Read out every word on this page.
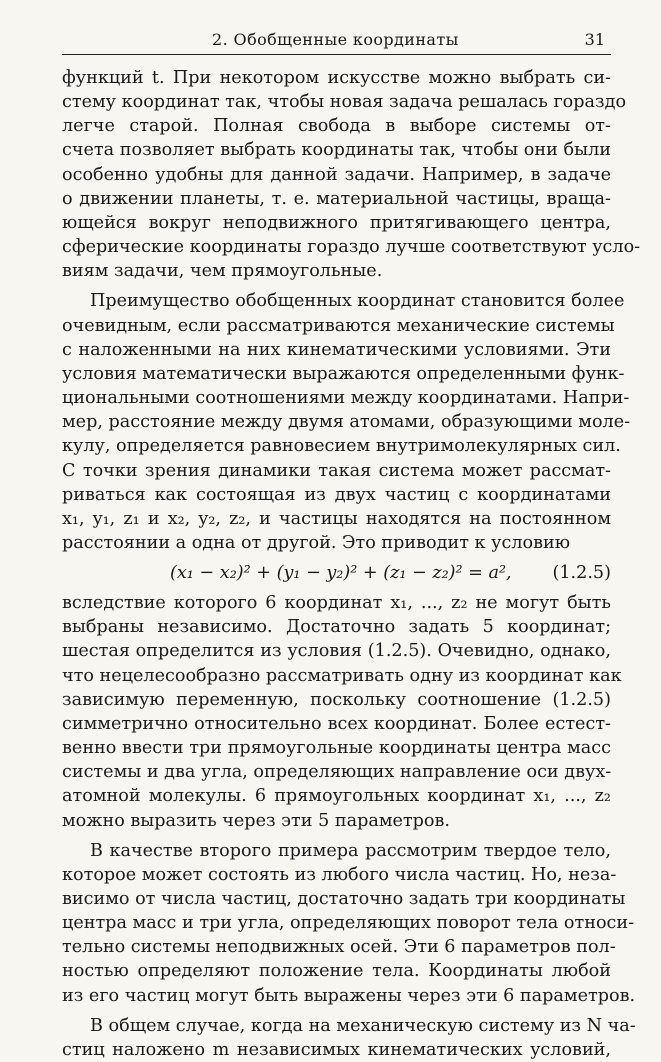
2. Обобщенные координаты	31
функций t. При некотором искусстве можно выбрать си-
стему координат так, чтобы новая задача решалась гораздо
легче старой. Полная свобода в выборе системы от-
счета позволяет выбрать координаты так, чтобы они были
особенно удобны для данной задачи. Например, в задаче
о движении планеты, т. е. материальной частицы, враща-
ющейся вокруг неподвижного притягивающего центра,
сферические координаты гораздо лучше соответствуют усло-
виям задачи, чем прямоугольные.
Преимущество обобщенных координат становится более
очевидным, если рассматриваются механические системы
с наложенными на них кинематическими условиями. Эти
условия математически выражаются определенными функ-
циональными соотношениями между координатами. Напри-
мер, расстояние между двумя атомами, образующими моле-
кулу, определяется равновесием внутримолекулярных сил.
С точки зрения динамики такая система может рассмат-
риваться как состоящая из двух частиц с координатами
x₁, y₁, z₁ и x₂, y₂, z₂, и частицы находятся на постоянном
расстоянии a одна от другой. Это приводит к условию
(x₁ − x₂)² + (y₁ − y₂)² + (z₁ − z₂)² = a², (1.2.5)
вследствие которого 6 координат x₁, ..., z₂ не могут быть
выбраны независимо. Достаточно задать 5 координат;
шестая определится из условия (1.2.5). Очевидно, однако,
что нецелесообразно рассматривать одну из координат как
зависимую переменную, поскольку соотношение (1.2.5)
симметрично относительно всех координат. Более естест-
венно ввести три прямоугольные координаты центра масс
системы и два угла, определяющих направление оси двух-
атомной молекулы. 6 прямоугольных координат x₁, ..., z₂
можно выразить через эти 5 параметров.
В качестве второго примера рассмотрим твердое тело,
которое может состоять из любого числа частиц. Но, неза-
висимо от числа частиц, достаточно задать три координаты
центра масс и три угла, определяющих поворот тела относи-
тельно системы неподвижных осей. Эти 6 параметров пол-
ностью определяют положение тела. Координаты любой
из его частиц могут быть выражены через эти 6 параметров.
В общем случае, когда на механическую систему из N ча-
стиц наложено m независимых кинематических условий,
